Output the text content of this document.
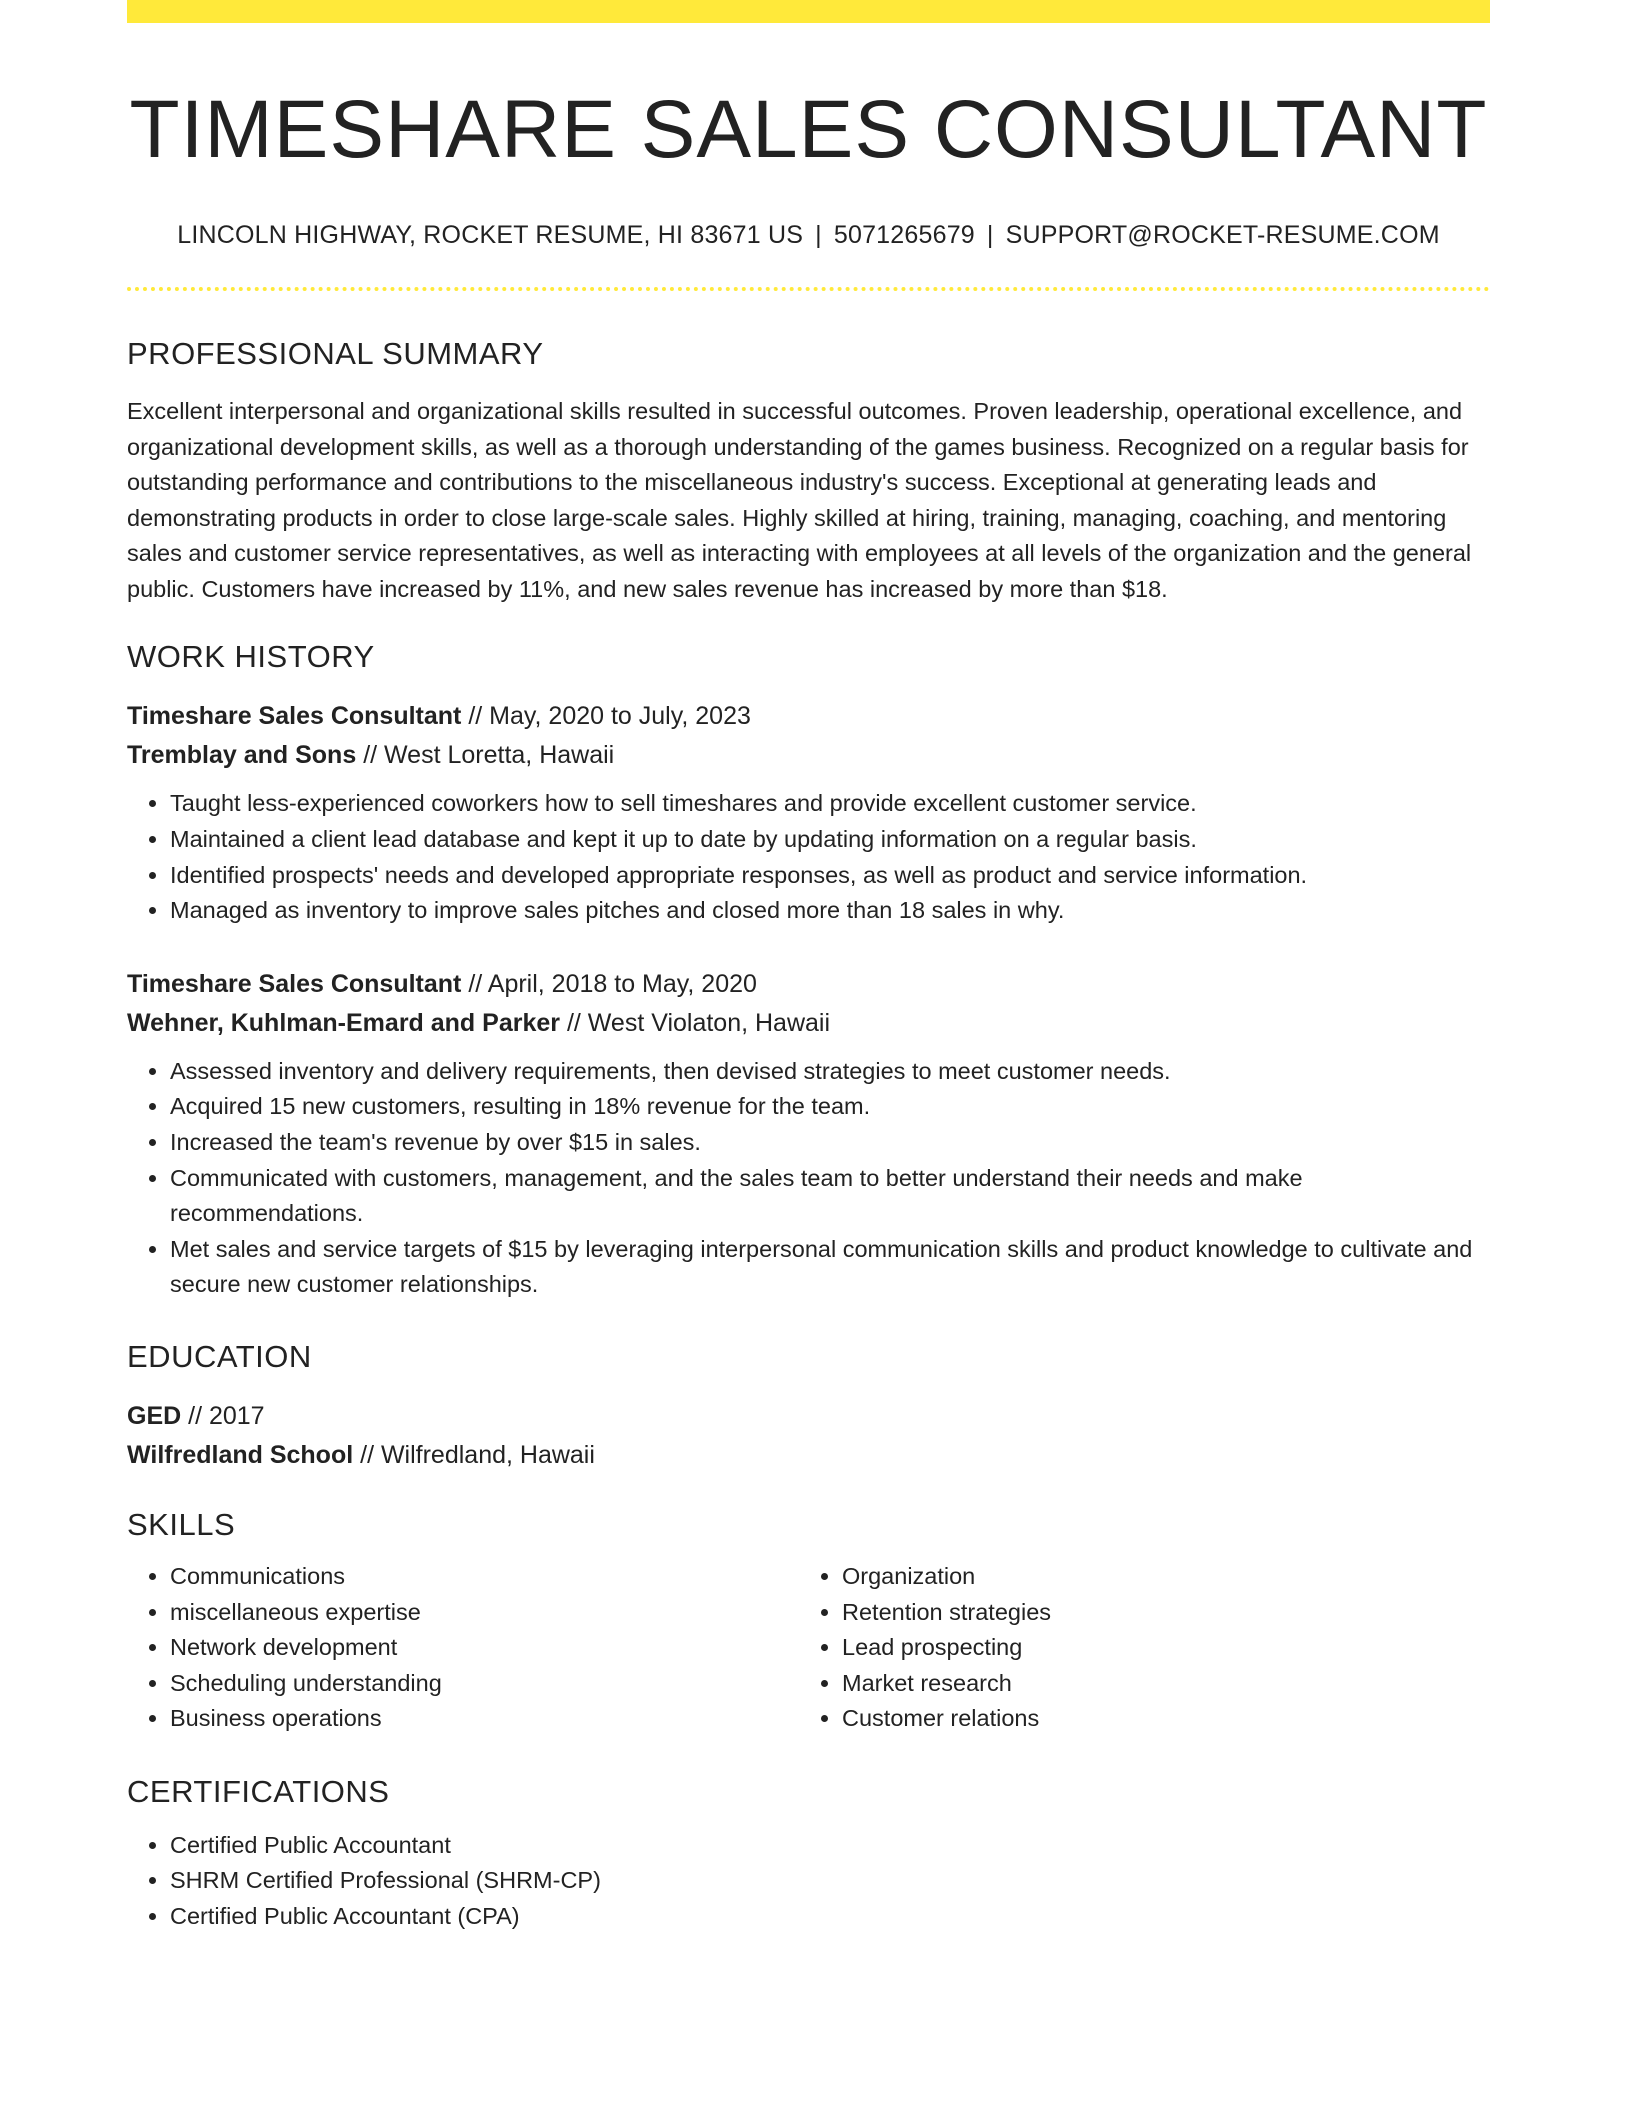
TIMESHARE SALES CONSULTANT
LINCOLN HIGHWAY, ROCKET RESUME, HI 83671 US | 5071265679 | SUPPORT@ROCKET-RESUME.COM
PROFESSIONAL SUMMARY
Excellent interpersonal and organizational skills resulted in successful outcomes. Proven leadership, operational excellence, and organizational development skills, as well as a thorough understanding of the games business. Recognized on a regular basis for outstanding performance and contributions to the miscellaneous industry's success. Exceptional at generating leads and demonstrating products in order to close large-scale sales. Highly skilled at hiring, training, managing, coaching, and mentoring sales and customer service representatives, as well as interacting with employees at all levels of the organization and the general public. Customers have increased by 11%, and new sales revenue has increased by more than $18.
WORK HISTORY
Timeshare Sales Consultant // May, 2020 to July, 2023
Tremblay and Sons // West Loretta, Hawaii
• Taught less-experienced coworkers how to sell timeshares and provide excellent customer service.
• Maintained a client lead database and kept it up to date by updating information on a regular basis.
• Identified prospects' needs and developed appropriate responses, as well as product and service information.
• Managed as inventory to improve sales pitches and closed more than 18 sales in why.
Timeshare Sales Consultant // April, 2018 to May, 2020
Wehner, Kuhlman-Emard and Parker // West Violaton, Hawaii
• Assessed inventory and delivery requirements, then devised strategies to meet customer needs.
• Acquired 15 new customers, resulting in 18% revenue for the team.
• Increased the team's revenue by over $15 in sales.
• Communicated with customers, management, and the sales team to better understand their needs and make recommendations.
• Met sales and service targets of $15 by leveraging interpersonal communication skills and product knowledge to cultivate and secure new customer relationships.
EDUCATION
GED // 2017
Wilfredland School // Wilfredland, Hawaii
SKILLS
• Communications
• miscellaneous expertise
• Network development
• Scheduling understanding
• Business operations
• Organization
• Retention strategies
• Lead prospecting
• Market research
• Customer relations
CERTIFICATIONS
• Certified Public Accountant
• SHRM Certified Professional (SHRM-CP)
• Certified Public Accountant (CPA)
